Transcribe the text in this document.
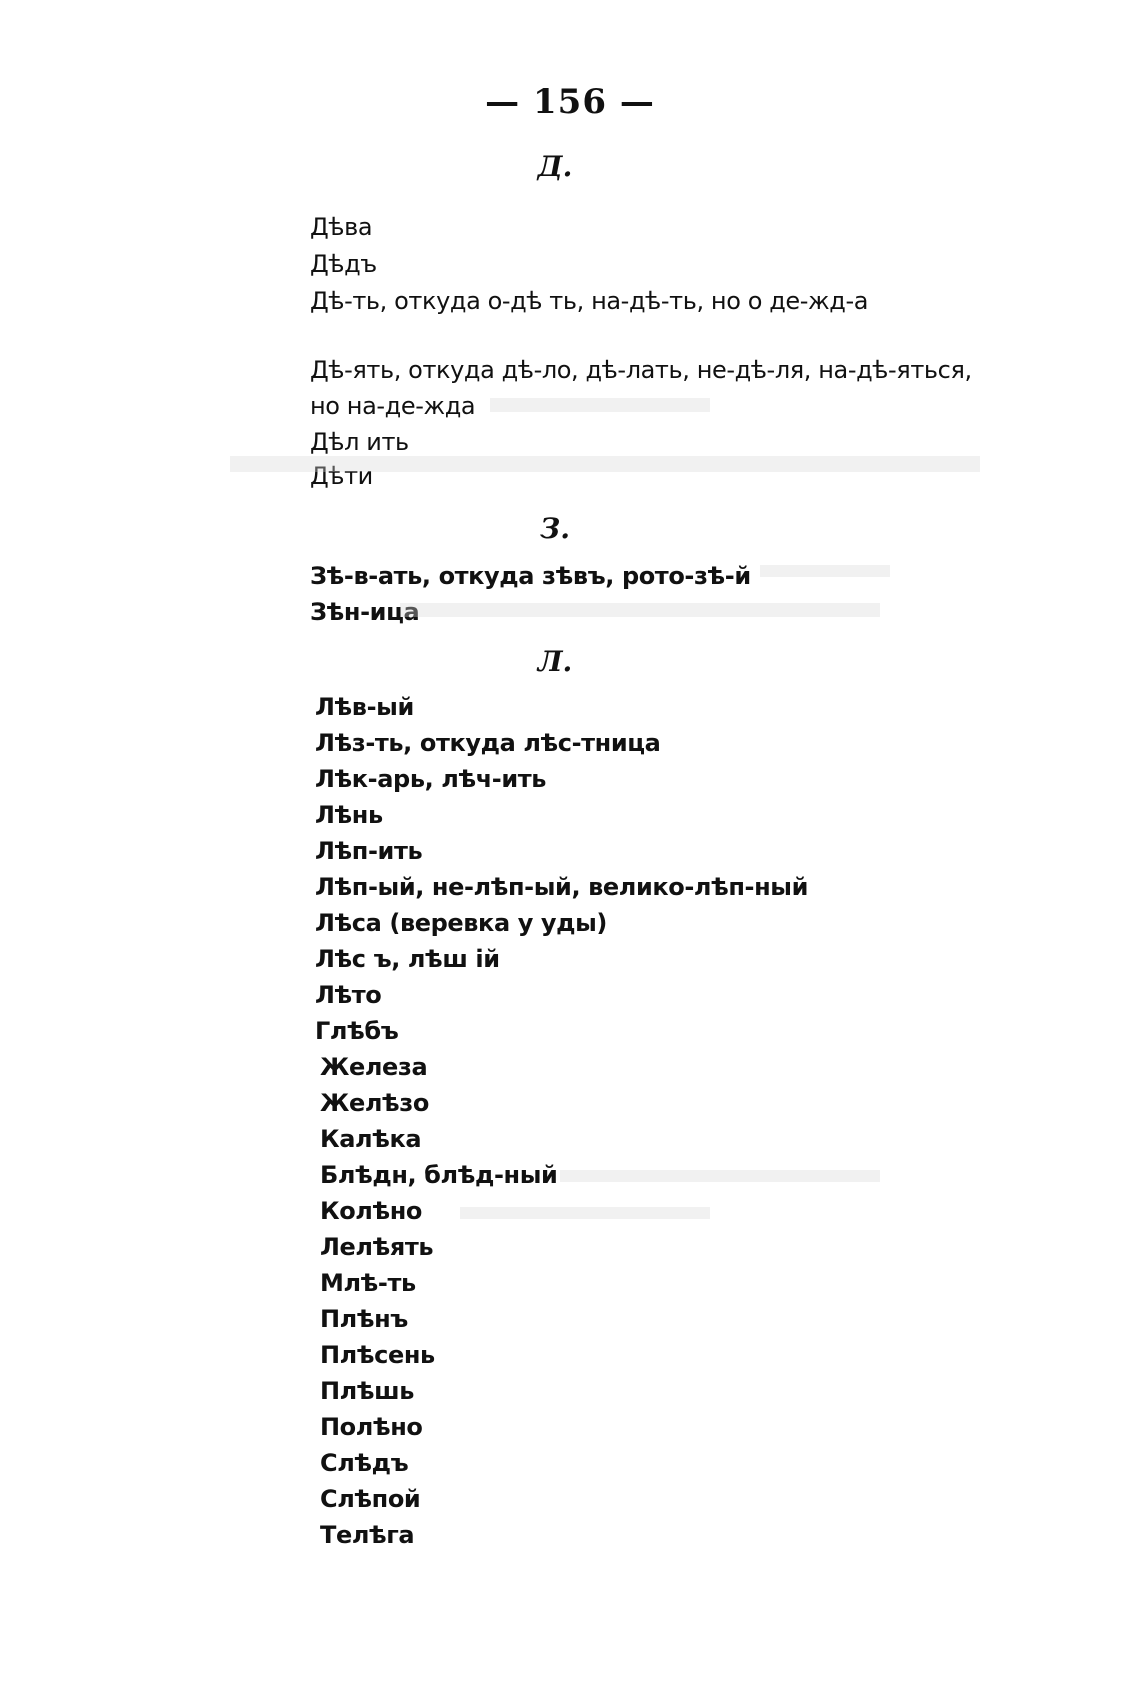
— 156 —
Д.
Дѣва
Дѣдъ
Дѣ-ть, откуда о-дѣ ть, на-дѣ-ть, но о де-жд-а
Дѣ-ять, откуда дѣ-ло, дѣ-лать, не-дѣ-ля, на-дѣ-яться,
но на-де-жда
Дѣл ить
Дѣти
З.
Зѣ-в-ать, откуда зѣвъ, рото-зѣ-й
Зѣн-ица
Л.
Лѣв-ый
Лѣз-ть, откуда лѣс-тница
Лѣк-арь, лѣч-ить
Лѣнь
Лѣп-ить
Лѣп-ый, не-лѣп-ый, велико-лѣп-ный
Лѣса (веревка у уды)
Лѣс ъ, лѣш ій
Лѣто
Глѣбъ
Железа
Желѣзо
Калѣка
Блѣдн, блѣд-ный
Колѣно
Лелѣять
Млѣ-ть
Плѣнъ
Плѣсень
Плѣшь
Полѣно
Слѣдъ
Слѣпой
Телѣга
